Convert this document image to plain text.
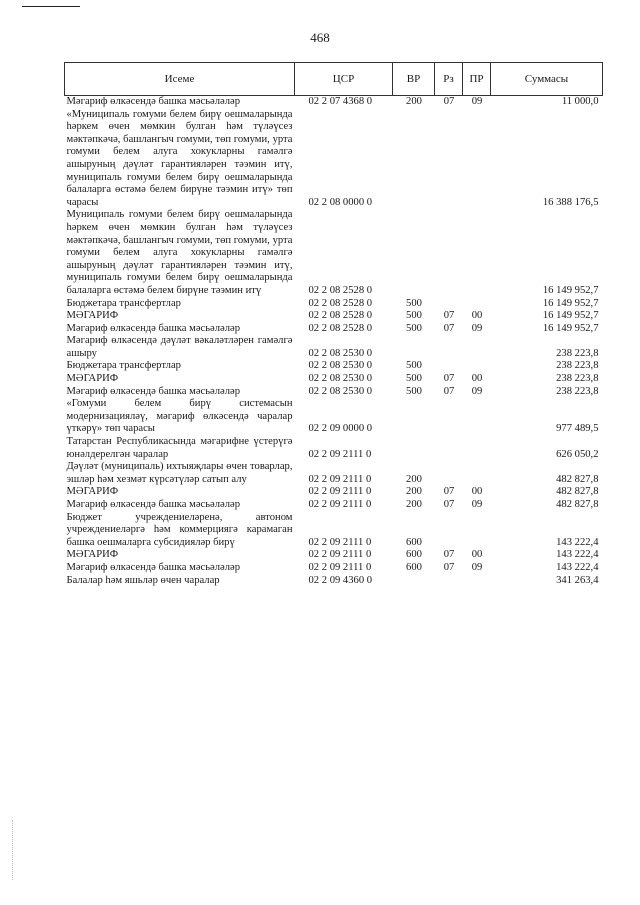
468
Исеме	ЦСР	ВР	Рз	ПР	Суммасы
Мәгариф өлкәсендә башка мәсьәләләр	02 2 07 4368 0	200	07	09	11 000,0
«Муниципаль гомуми белем бирү оешмаларында һәркем өчен мөмкин булган һәм түләүсез мәктәпкәчә, башлангыч гомуми, төп гомуми, урта гомуми белем алуга хокукларны гамәлгә ашыруның дәүләт гарантияләрен тәэмин итү, муниципаль гомуми белем бирү оешмаларында балаларга өстәмә белем бирүне тәэмин итү» төп чарасы	02 2 08 0000 0				16 388 176,5
Муниципаль гомуми белем бирү оешмаларында һәркем өчен мөмкин булган һәм түләүсез мәктәпкәчә, башлангыч гомуми, төп гомуми, урта гомуми белем алуга хокукларны гамәлгә ашыруның дәүләт гарантияләрен тәэмин итү, муниципаль гомуми белем бирү оешмаларында балаларга өстәмә белем бирүне тәэмин итү	02 2 08 2528 0				16 149 952,7
Бюджетара трансфертлар	02 2 08 2528 0	500			16 149 952,7
МӘГАРИФ	02 2 08 2528 0	500	07	00	16 149 952,7
Мәгариф өлкәсендә башка мәсьәләләр	02 2 08 2528 0	500	07	09	16 149 952,7
Мәгариф өлкәсендә дәүләт вәкаләтләрен гамәлгә ашыру	02 2 08 2530 0				238 223,8
Бюджетара трансфертлар	02 2 08 2530 0	500			238 223,8
МӘГАРИФ	02 2 08 2530 0	500	07	00	238 223,8
Мәгариф өлкәсендә башка мәсьәләләр	02 2 08 2530 0	500	07	09	238 223,8
«Гомуми белем бирү системасын модернизацияләү, мәгариф өлкәсендә чаралар үткәрү» төп чарасы	02 2 09 0000 0				977 489,5
Татарстан Республикасында мәгарифне үстерүгә юнәлдерелгән чаралар	02 2 09 2111 0				626 050,2
Дәүләт (муниципаль) ихтыяҗлары өчен товарлар, эшләр һәм хезмәт күрсәтүләр сатып алу	02 2 09 2111 0	200			482 827,8
МӘГАРИФ	02 2 09 2111 0	200	07	00	482 827,8
Мәгариф өлкәсендә башка мәсьәләләр	02 2 09 2111 0	200	07	09	482 827,8
Бюджет учреждениеләренә, автоном учреждениеләргә һәм коммерциягә карамаган башка оешмаларга субсидияләр бирү	02 2 09 2111 0	600			143 222,4
МӘГАРИФ	02 2 09 2111 0	600	07	00	143 222,4
Мәгариф өлкәсендә башка мәсьәләләр	02 2 09 2111 0	600	07	09	143 222,4
Балалар һәм яшьләр өчен чаралар	02 2 09 4360 0				341 263,4
